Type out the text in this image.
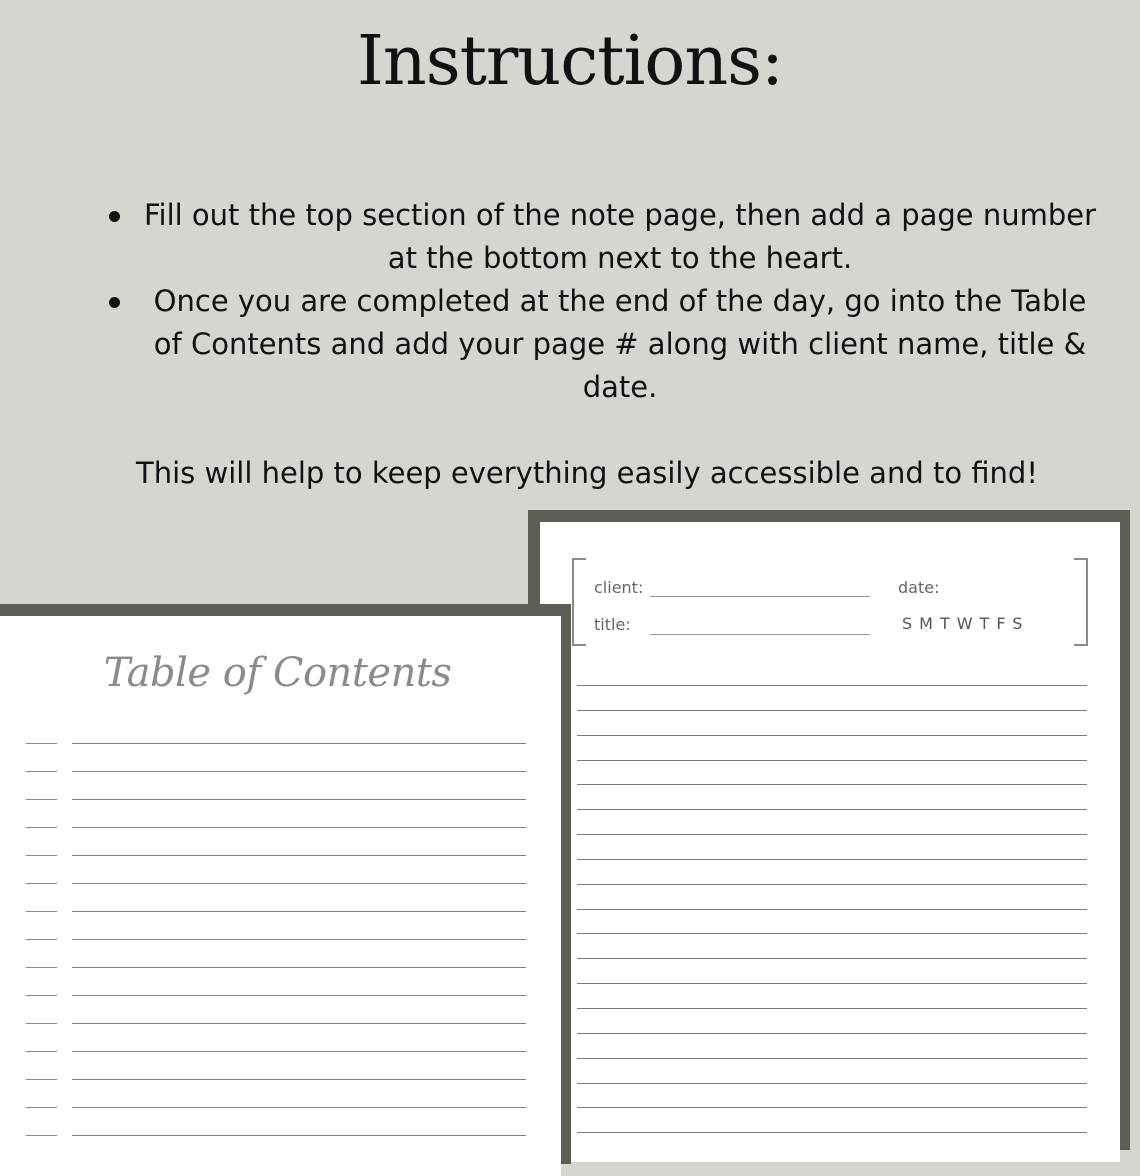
Instructions:
Fill out the top section of the note page, then add a page number at the bottom next to the heart.
Once you are completed at the end of the day, go into the Table of Contents and add your page # along with client name, title & date.
This will help to keep everything easily accessible and to find!
client:
title:
date:
SMTWTFS
Table of Contents
